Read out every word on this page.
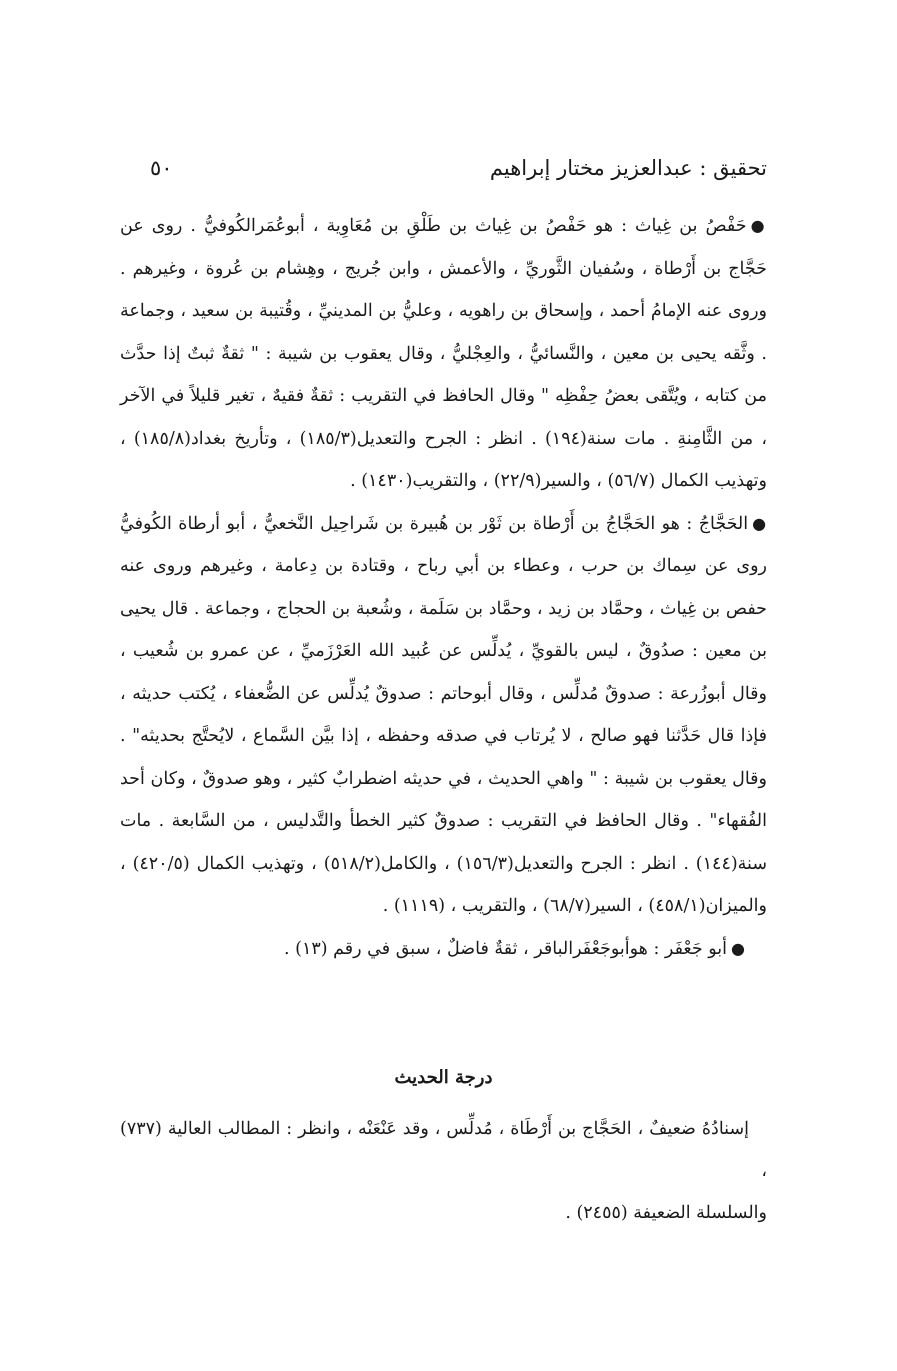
تحقيق : عبدالعزيز مختار إبراهيم
٥٠

●حَفْصُ بن غِياث : هو حَفْصُ بن غِياث بن طَلْقِ بن مُعَاوِية ، أبوعُمَرالكُوفيُّ . روى عن حَجَّاج بن أَرْطاة ، وسُفيان الثَّوريِّ ، والأعمش ، وابن جُريج ، وهِشام بن عُروة ، وغيرهم . وروى عنه الإمامُ أحمد ، وإسحاق بن راهويه ، وعليُّ بن المدينيِّ ، وقُتيبة بن سعيد ، وجماعة . وثَّقه يحيى بن معين ، والنَّسائيُّ ، والعِجْليُّ ، وقال يعقوب بن شيبة : " ثقةٌ ثبتٌ إذا حدَّث من كتابه ، ويُتَّقى بعضُ حِفْظِه " وقال الحافظ في التقريب : ثقةٌ فقيهٌ ، تغير قليلاً في الآخر ، من الثَّامِنةِ . مات سنة(١٩٤) . انظر : الجرح والتعديل(١٨٥/٣) ، وتأريخ بغداد(١٨٥/٨) ، وتهذيب الكمال (٥٦/٧) ، والسير(٢٢/٩) ، والتقريب(١٤٣٠) .

●الحَجَّاجُ : هو الحَجَّاجُ بن أَرْطاة بن ثَوْر بن هُبيرة بن شَراحِيل النَّخعيُّ ، أبو أرطاة الكُوفيُّ روى عن سِماك بن حرب ، وعطاء بن أبي رباح ، وقتادة بن دِعامة ، وغيرهم وروى عنه حفص بن غِياث ، وحمَّاد بن زيد ، وحمَّاد بن سَلَمة ، وشُعبة بن الحجاج ، وجماعة . قال يحيى بن معين : صدُوقٌ ، ليس بالقويِّ ، يُدلِّس عن عُبيد الله العَرْزَميِّ ، عن عمرو بن شُعيب ، وقال أبوزُرعة : صدوقٌ مُدلِّس ، وقال أبوحاتم : صدوقٌ يُدلِّس عن الضُّعفاء ، يُكتب حديثه ، فإذا قال حَدَّثنا فهو صالح ، لا يُرتاب في صدقه وحفظه ، إذا بيَّن السَّماع ، لايُحتَّج بحديثه" . وقال يعقوب بن شيبة : " واهي الحديث ، في حديثه اضطرابٌ كثير ، وهو صدوقٌ ، وكان أحد الفُقهاء" . وقال الحافظ في التقريب : صدوقٌ كثير الخطأ والتَّدليس ، من السَّابعة . مات سنة(١٤٤) . انظر : الجرح والتعديل(١٥٦/٣) ، والكامل(٥١٨/٢) ، وتهذيب الكمال (٤٢٠/٥) ، والميزان(٤٥٨/١) ، السير(٦٨/٧) ، والتقريب ، (١١١٩) .

●أبو جَعْفَر : هوأبوجَعْفَرالباقر ، ثقةٌ فاضلٌ ، سبق في رقم (١٣) .

درجة الحديث

إسنادُهُ ضعيفٌ ، الحَجَّاج بن أَرْطَاة ، مُدلِّس ، وقد عَنْعَنْه ، وانظر : المطالب العالية (٧٣٧) ،

والسلسلة الضعيفة (٢٤٥٥) .
